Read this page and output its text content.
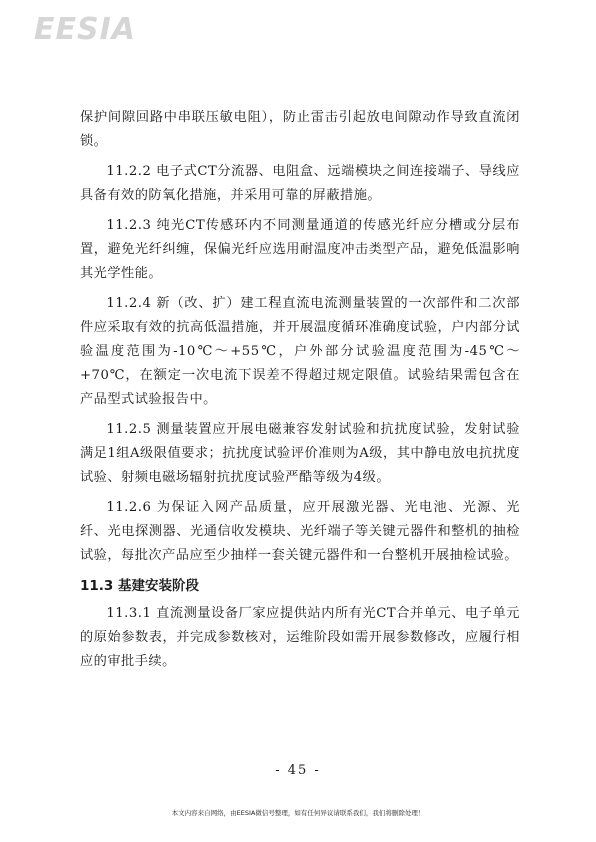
EESIA

保护间隙回路中串联压敏电阻），防止雷击引起放电间隙动作导致直流闭锁。

11.2.2 电子式CT分流器、电阻盒、远端模块之间连接端子、导线应具备有效的防氧化措施，并采用可靠的屏蔽措施。

11.2.3 纯光CT传感环内不同测量通道的传感光纤应分槽或分层布置，避免光纤纠缠，保偏光纤应选用耐温度冲击类型产品，避免低温影响其光学性能。

11.2.4 新（改、扩）建工程直流电流测量装置的一次部件和二次部件应采取有效的抗高低温措施，并开展温度循环准确度试验，户内部分试验温度范围为-10℃～+55℃，户外部分试验温度范围为-45℃～+70℃，在额定一次电流下误差不得超过规定限值。试验结果需包含在产品型式试验报告中。

11.2.5 测量装置应开展电磁兼容发射试验和抗扰度试验，发射试验满足1组A级限值要求；抗扰度试验评价准则为A级，其中静电放电抗扰度试验、射频电磁场辐射抗扰度试验严酷等级为4级。

11.2.6 为保证入网产品质量，应开展激光器、光电池、光源、光纤、光电探测器、光通信收发模块、光纤端子等关键元器件和整机的抽检试验，每批次产品应至少抽样一套关键元器件和一台整机开展抽检试验。

11.3 基建安装阶段

11.3.1 直流测量设备厂家应提供站内所有光CT合并单元、电子单元的原始参数表，并完成参数核对，运维阶段如需开展参数修改，应履行相应的审批手续。

- 45 -
本文内容来自网络，由EESIA微信号整理，如有任何异议请联系我们，我们将删除处理！
